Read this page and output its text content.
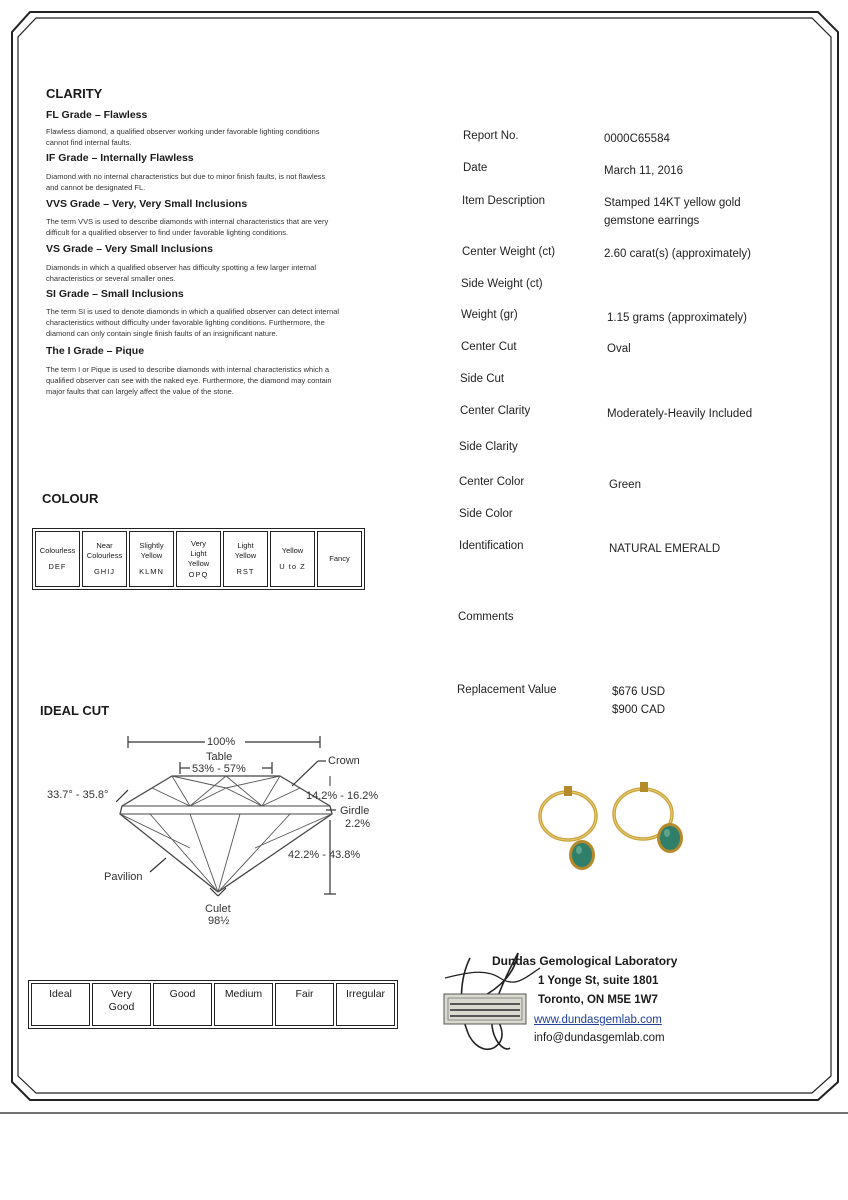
CLARITY
FL Grade – Flawless
Flawless diamond, a qualified observer working under favorable lighting conditions
cannot find internal faults.
IF Grade – Internally Flawless
Diamond with no internal characteristics but due to minor finish faults, is not flawless
and cannot be designated FL.
VVS Grade – Very, Very Small Inclusions
The term VVS is used to describe diamonds with internal characteristics that are very
difficult for a qualified observer to find under favorable lighting conditions.
VS Grade – Very Small Inclusions
Diamonds in which a qualified observer has difficulty spotting a few larger internal
characteristics or several smaller ones.
SI Grade – Small Inclusions
The term SI is used to denote diamonds in which a qualified observer can detect internal
characteristics without difficulty under favorable lighting conditions. Furthermore, the
diamond can only contain single finish faults of an insignificant nature.
The I Grade – Pique
The term I or Pique is used to describe diamonds with internal characteristics which a
qualified observer can see with the naked eye. Furthermore, the diamond may contain
major faults that can largely affect the value of the stone.
COLOUR
Colourless
DEF

Near
Colourless
GHIJ

Slightly
Yellow
KLMN

Very
Light
Yellow
OPQ

Light
Yellow
RST

Yellow
U to Z

Fancy
IDEAL CUT
100%
Table
53% - 57%
Crown
33.7° - 35.8°	14.2% - 16.2%
Girdle
2.2%
42.2% - 43.8%
Pavilion
Culet
98½
Ideal	Very
Good

Good	Medium	Fair	Irregular
Report No.	0000C65584
Date	March 11, 2016
Item Description	Stamped 14KT yellow gold
gemstone earrings
Center Weight (ct)	2.60 carat(s) (approximately)
Side Weight (ct)
Weight (gr)	1.15 grams (approximately)
Center Cut	Oval
Side Cut
Center Clarity	Moderately-Heavily Included
Side Clarity
Center Color	Green
Side Color
Identification	NATURAL EMERALD
Comments
Replacement Value	$676 USD
$900 CAD
Dundas Gemological Laboratory
1 Yonge St, suite 1801
Toronto, ON M5E 1W7
www.dundasgemlab.com
info@dundasgemlab.com
